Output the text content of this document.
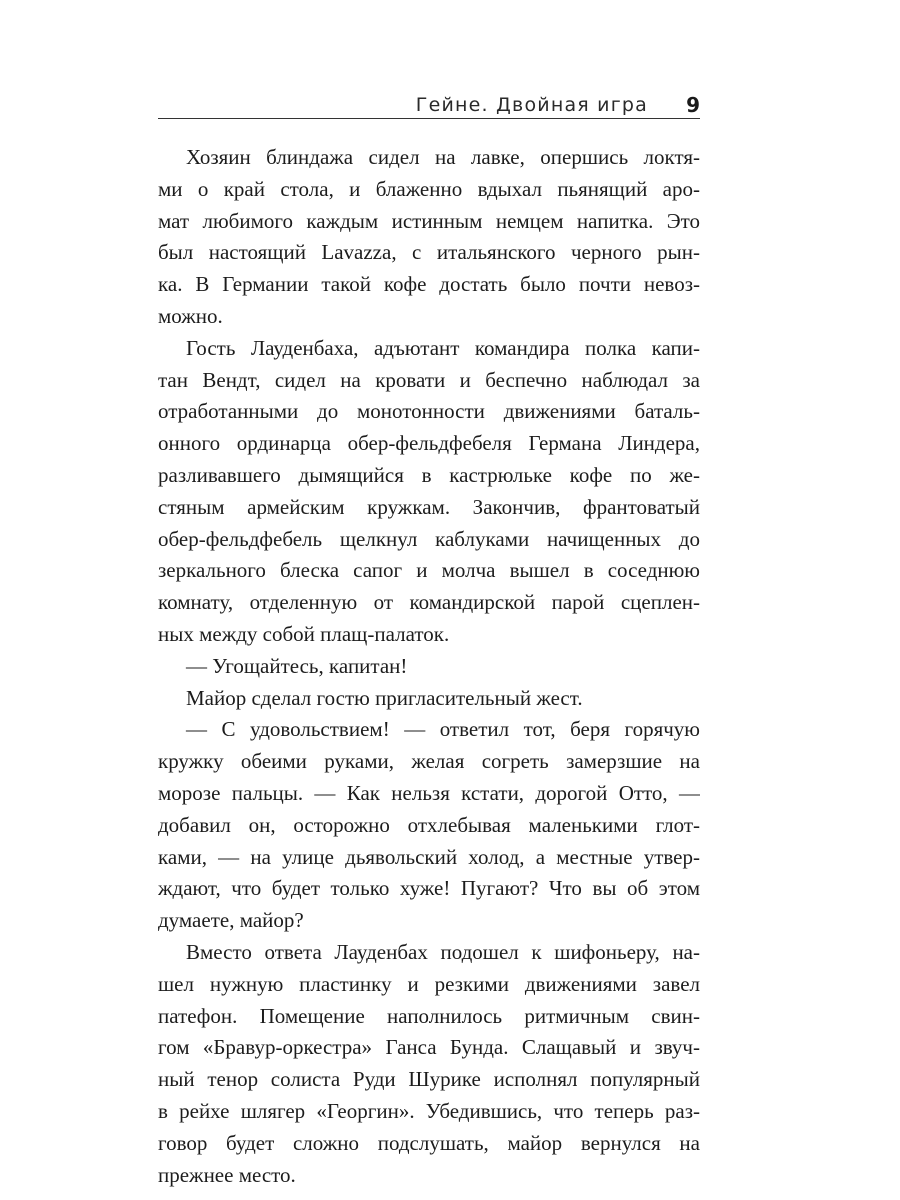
Гейне. Двойная игра 9
Хозяин блиндажа сидел на лавке, опершись локтя-
ми о край стола, и блаженно вдыхал пьянящий аро-
мат любимого каждым истинным немцем напитка. Это
был настоящий Lavazza, с итальянского черного рын-
ка. В Германии такой кофе достать было почти невоз-
можно.
Гость Лауденбаха, адъютант командира полка капи-
тан Вендт, сидел на кровати и беспечно наблюдал за
отработанными до монотонности движениями баталь-
онного ординарца обер-фельдфебеля Германа Линдера,
разливавшего дымящийся в кастрюльке кофе по же-
стяным армейским кружкам. Закончив, франтоватый
обер-фельдфебель щелкнул каблуками начищенных до
зеркального блеска сапог и молча вышел в соседнюю
комнату, отделенную от командирской парой сцеплен-
ных между собой плащ-палаток.
— Угощайтесь, капитан!
Майор сделал гостю пригласительный жест.
— С удовольствием! — ответил тот, беря горячую
кружку обеими руками, желая согреть замерзшие на
морозе пальцы. — Как нельзя кстати, дорогой Отто, —
добавил он, осторожно отхлебывая маленькими глот-
ками, — на улице дьявольский холод, а местные утвер-
ждают, что будет только хуже! Пугают? Что вы об этом
думаете, майор?
Вместо ответа Лауденбах подошел к шифоньеру, на-
шел нужную пластинку и резкими движениями завел
патефон. Помещение наполнилось ритмичным свин-
гом «Бравур-оркестра» Ганса Бунда. Слащавый и звуч-
ный тенор солиста Руди Шурике исполнял популярный
в рейхе шлягер «Георгин». Убедившись, что теперь раз-
говор будет сложно подслушать, майор вернулся на
прежнее место.
